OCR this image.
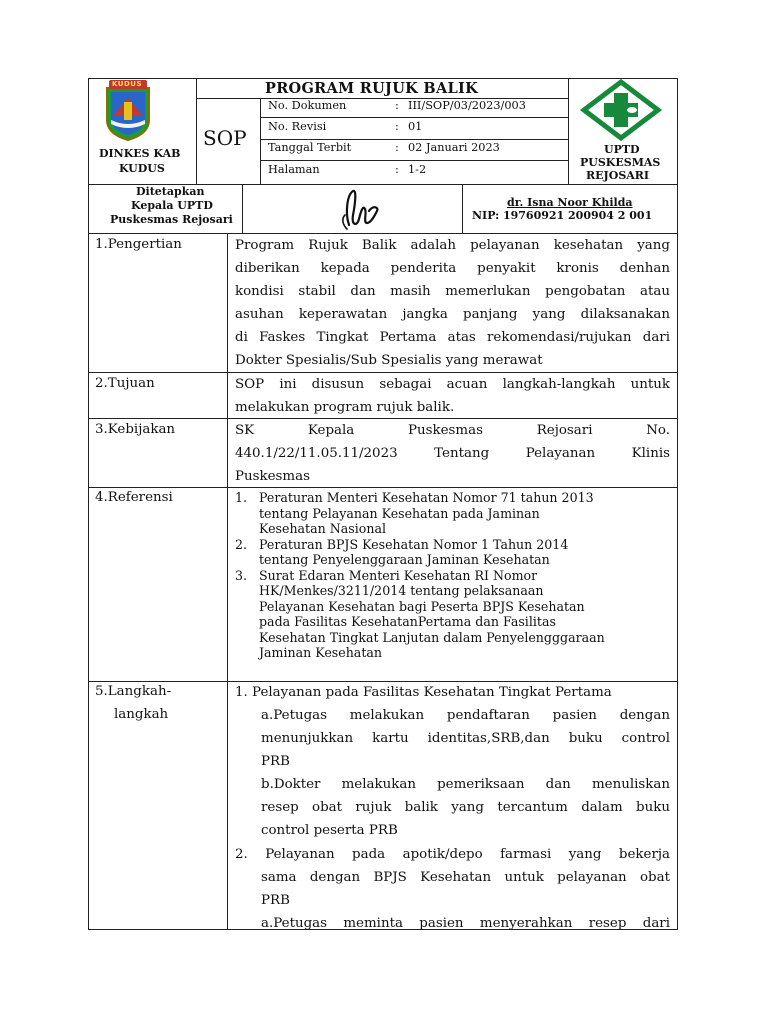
KUDUS
DINKES KAB
KUDUS
PROGRAM RUJUK BALIK
SOP
No. Dokumen	: III/SOP/03/2023/003
No. Revisi	: 01
Tanggal Terbit	: 02 Januari 2023
Halaman	: 1-2
UPTD
PUSKESMAS
REJOSARI
Ditetapkan
Kepala UPTD
Puskesmas Rejosari
dr. Isna Noor Khilda
NIP: 19760921 200904 2 001
1.Pengertian	Program Rujuk Balik adalah pelayanan kesehatan yang
diberikan kepada penderita penyakit kronis denhan
kondisi stabil dan masih memerlukan pengobatan atau
asuhan keperawatan jangka panjang yang dilaksanakan
di Faskes Tingkat Pertama atas rekomendasi/rujukan dari
Dokter Spesialis/Sub Spesialis yang merawat
2.Tujuan	SOP ini disusun sebagai acuan langkah-langkah untuk
melakukan program rujuk balik.
3.Kebijakan	SK Kepala Puskesmas Rejosari No.
440.1/22/11.05.11/2023 Tentang Pelayanan Klinis
Puskesmas
4.Referensi	1. Peraturan Menteri Kesehatan Nomor 71 tahun 2013
tentang Pelayanan Kesehatan pada Jaminan
Kesehatan Nasional
2. Peraturan BPJS Kesehatan Nomor 1 Tahun 2014
tentang Penyelenggaraan Jaminan Kesehatan
3. Surat Edaran Menteri Kesehatan RI Nomor
HK/Menkes/3211/2014 tentang pelaksanaan
Pelayanan Kesehatan bagi Peserta BPJS Kesehatan
pada Fasilitas KesehatanPertama dan Fasilitas
Kesehatan Tingkat Lanjutan dalam Penyelengggaraan
Jaminan Kesehatan
5.Langkah-
langkah
1. Pelayanan pada Fasilitas Kesehatan Tingkat Pertama
a.Petugas melakukan pendaftaran pasien dengan
menunjukkan kartu identitas,SRB,dan buku control
PRB
b.Dokter melakukan pemeriksaan dan menuliskan
resep obat rujuk balik yang tercantum dalam buku
control peserta PRB
2. Pelayanan pada apotik/depo farmasi yang bekerja
sama dengan BPJS Kesehatan untuk pelayanan obat
PRB
a.Petugas meminta pasien menyerahkan resep dari
